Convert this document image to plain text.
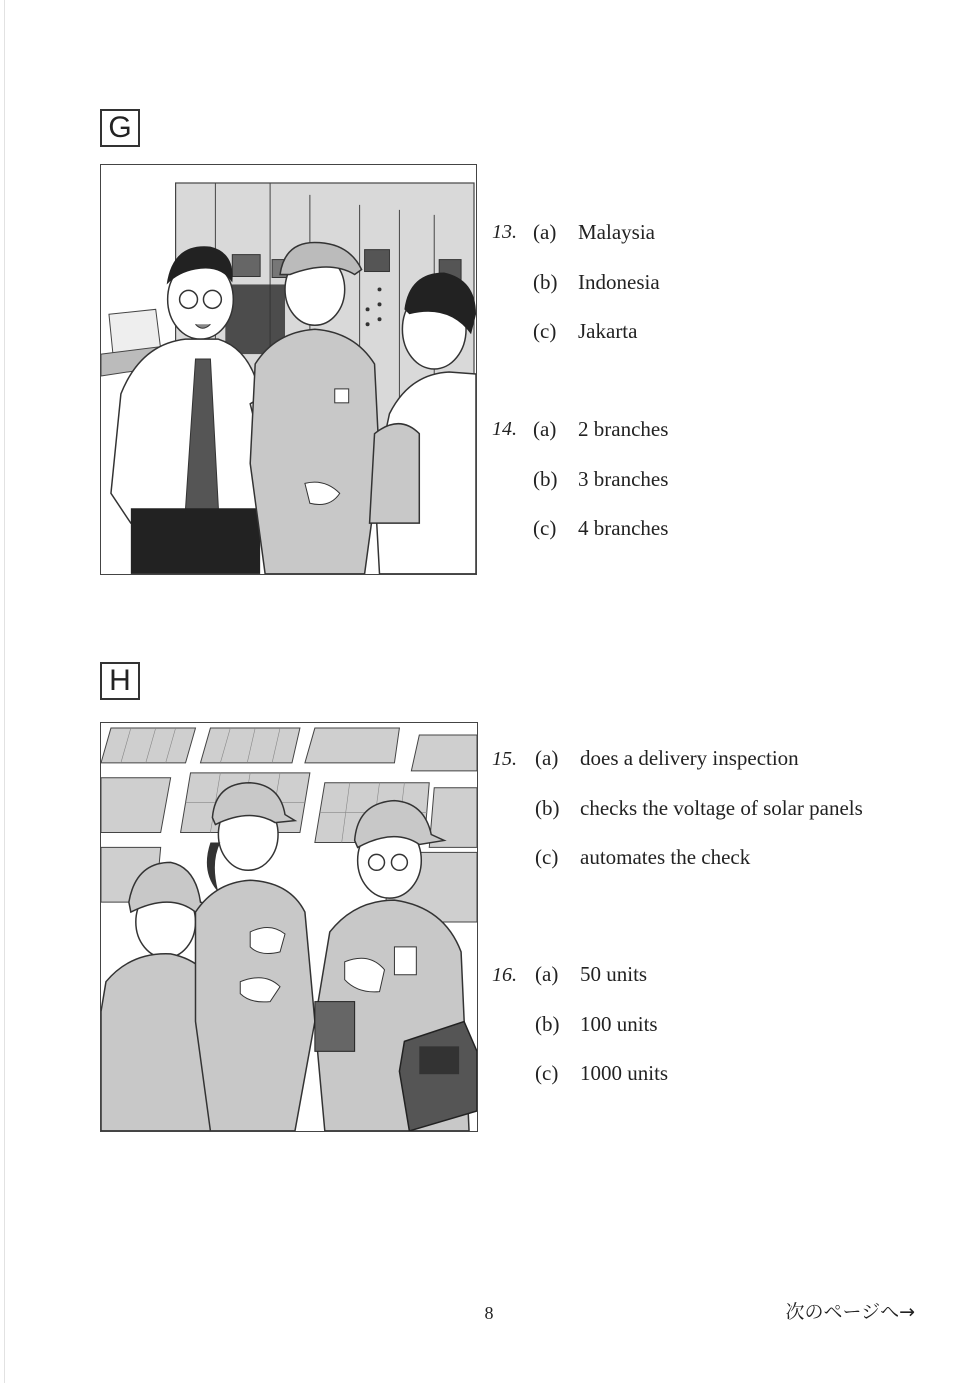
G
13. (a) Malaysia
(b) Indonesia
(c) Jakarta
14. (a) 2 branches
(b) 3 branches
(c) 4 branches
H
15. (a) does a delivery inspection
(b) checks the voltage of solar panels
(c) automates the check
16. (a) 50 units
(b) 100 units
(c) 1000 units
8	次のページへ→
